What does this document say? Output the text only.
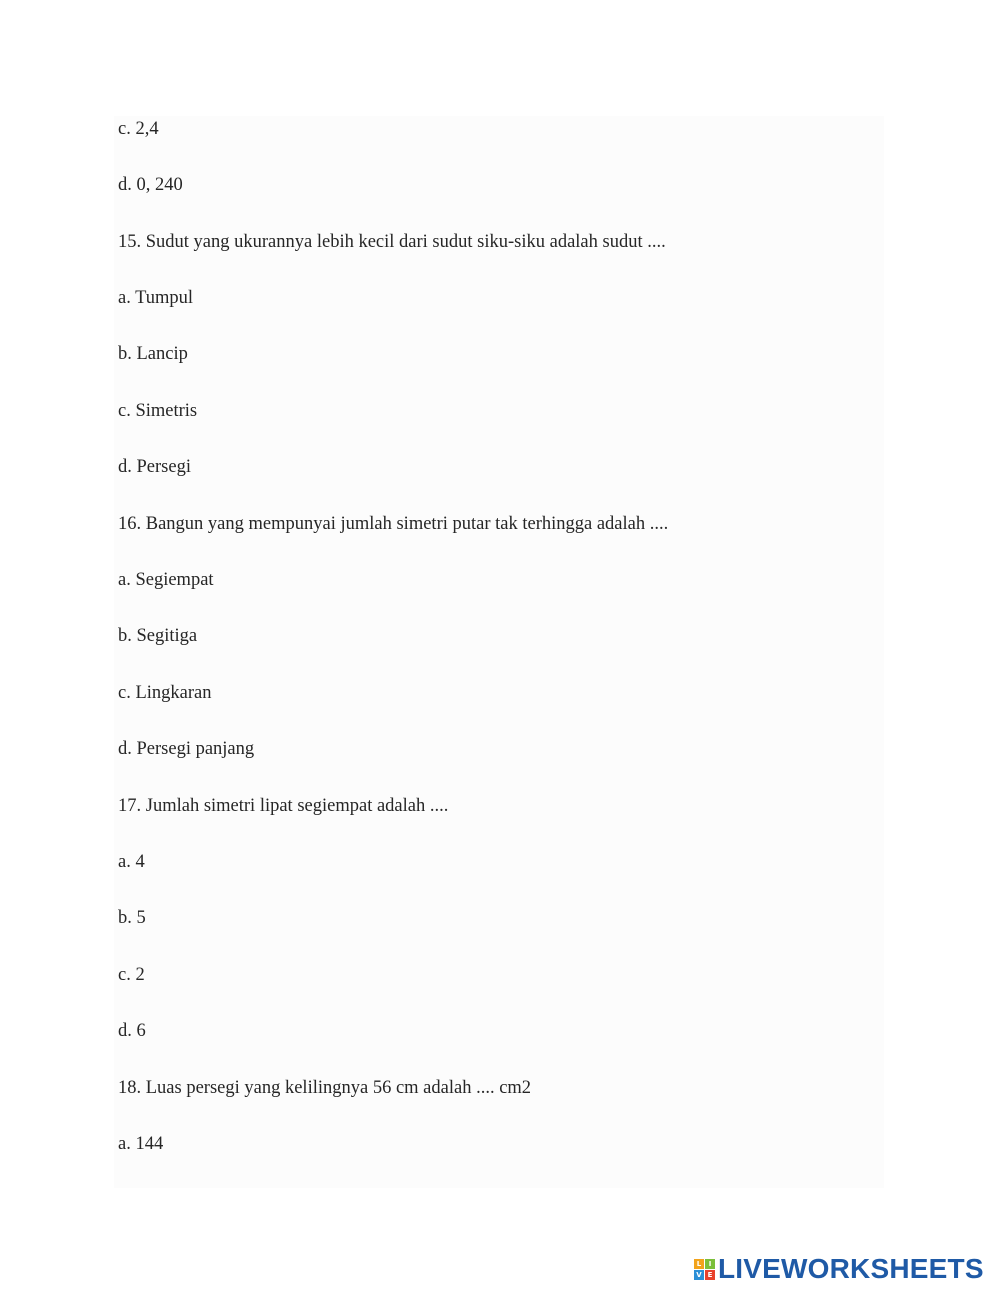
c. 2,4
d. 0, 240
15. Sudut yang ukurannya lebih kecil dari sudut siku-siku adalah sudut ....
a. Tumpul
b. Lancip
c. Simetris
d. Persegi
16. Bangun yang mempunyai jumlah simetri putar tak terhingga adalah ....
a. Segiempat
b. Segitiga
c. Lingkaran
d. Persegi panjang
17. Jumlah simetri lipat segiempat adalah ....
a. 4
b. 5
c. 2
d. 6
18. Luas persegi yang kelilingnya 56 cm adalah .... cm2
a. 144
L	I
V E LIVEWORKSHEETS
